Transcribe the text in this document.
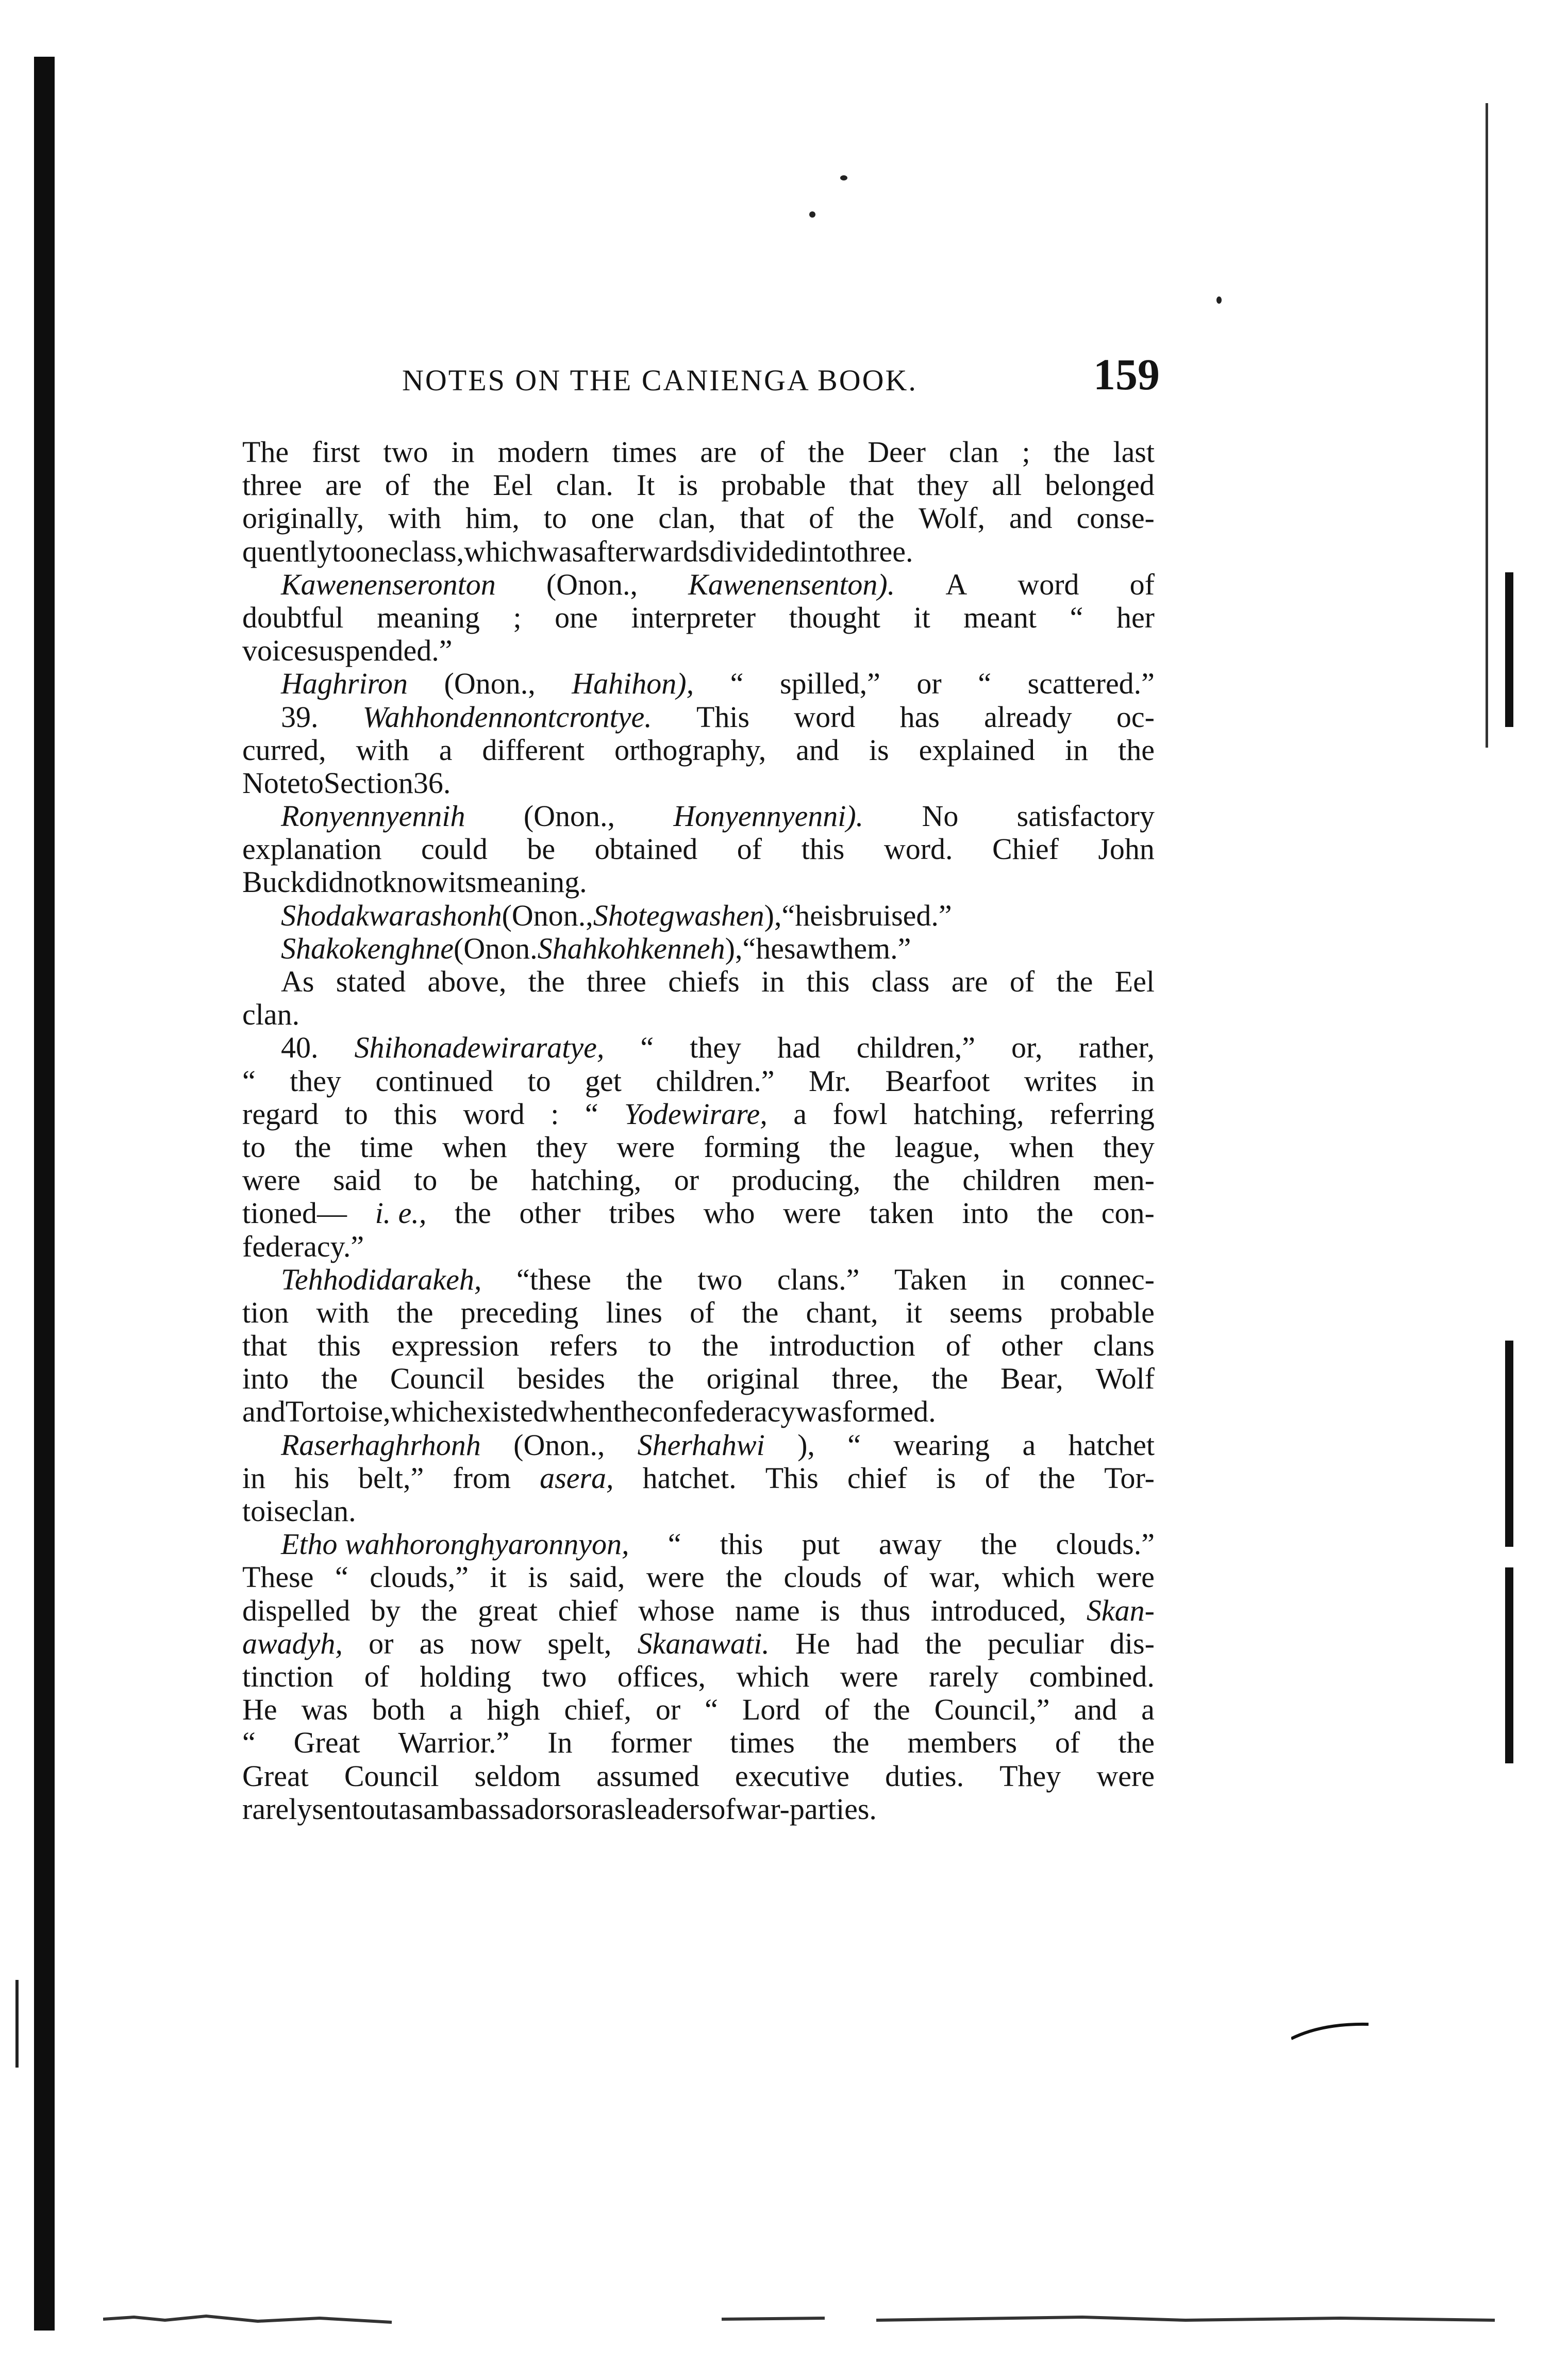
NOTES ON THE CANIENGA BOOK.	159
The first two in modern times are of the Deer clan ; the last
three are of the Eel clan. It is probable that they all belonged
originally, with him, to one clan, that of the Wolf, and conse-
quently to one class, which was afterwards divided into three.
Kawenenseronton (Onon., Kawenensenton). A word of
doubtful meaning ; one interpreter thought it meant “ her
voice suspended.”
Haghriron (Onon., Hahihon), “ spilled,” or “ scattered.”
39. Wahhondennontcrontye. This word has already oc-
curred, with a different orthography, and is explained in the
Note to Section 36.
Ronyennyennih (Onon., Honyennyenni). No satisfactory
explanation could be obtained of this word. Chief John
Buck did not know its meaning.
Shodakwarashonh (Onon., Shotegwashen ), “he is bruised.”
Shakokenghne (Onon. Shahkohkenneh ), “ he saw them.”
As stated above, the three chiefs in this class are of the Eel
clan.
40. Shihonadewiraratye, “ they had children,” or, rather,
“ they continued to get children.” Mr. Bearfoot writes in
regard to this word : “ Yodewirare, a fowl hatching, referring
to the time when they were forming the league, when they
were said to be hatching, or producing, the children men-
tioned— i. e., the other tribes who were taken into the con-
federacy.”
Tehhodidarakeh, “these the two clans.” Taken in connec-
tion with the preceding lines of the chant, it seems probable
that this expression refers to the introduction of other clans
into the Council besides the original three, the Bear, Wolf
and Tortoise, which existed when the confederacy was formed.
Raserhaghrhonh (Onon., Sherhahwi ), “ wearing a hatchet
in his belt,” from asera, hatchet. This chief is of the Tor-
toise clan.
Etho wahhoronghyaronnyon, “ this put away the clouds.”
These “ clouds,” it is said, were the clouds of war, which were
dispelled by the great chief whose name is thus introduced, Skan-
awadyh, or as now spelt, Skanawati. He had the peculiar dis-
tinction of holding two offices, which were rarely combined.
He was both a high chief, or “ Lord of the Council,” and a
“ Great Warrior.” In former times the members of the
Great Council seldom assumed executive duties. They were
rarely sent out as ambassadors or as leaders of war-parties.
